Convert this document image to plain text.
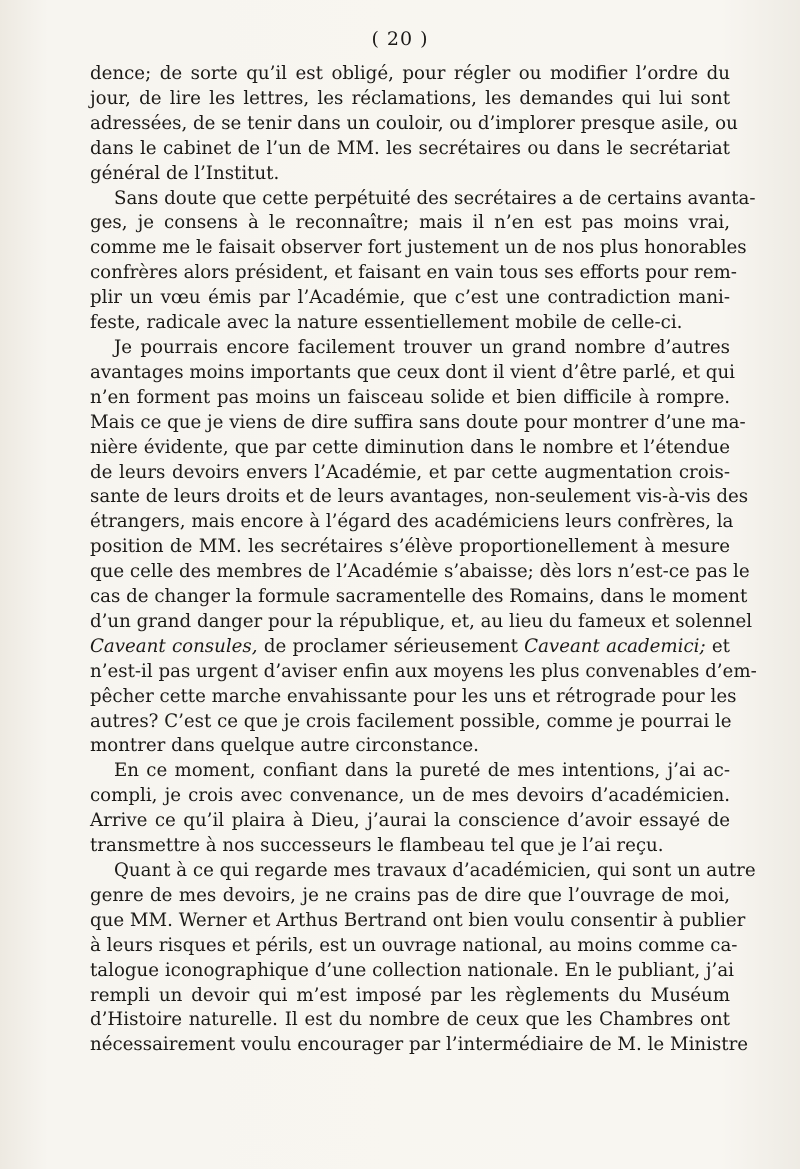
( 20 )
dence; de sorte qu’il est obligé, pour régler ou modifier l’ordre du
jour, de lire les lettres, les réclamations, les demandes qui lui sont
adressées, de se tenir dans un couloir, ou d’implorer presque asile, ou
dans le cabinet de l’un de MM. les secrétaires ou dans le secrétariat
général de l’Institut.
Sans doute que cette perpétuité des secrétaires a de certains avanta-
ges, je consens à le reconnaître; mais il n’en est pas moins vrai,
comme me le faisait observer fort justement un de nos plus honorables
confrères alors président, et faisant en vain tous ses efforts pour rem-
plir un vœu émis par l’Académie, que c’est une contradiction mani-
feste, radicale avec la nature essentiellement mobile de celle-ci.
Je pourrais encore facilement trouver un grand nombre d’autres
avantages moins importants que ceux dont il vient d’être parlé, et qui
n’en forment pas moins un faisceau solide et bien difficile à rompre.
Mais ce que je viens de dire suffira sans doute pour montrer d’une ma-
nière évidente, que par cette diminution dans le nombre et l’étendue
de leurs devoirs envers l’Académie, et par cette augmentation crois-
sante de leurs droits et de leurs avantages, non-seulement vis-à-vis des
étrangers, mais encore à l’égard des académiciens leurs confrères, la
position de MM. les secrétaires s’élève proportionellement à mesure
que celle des membres de l’Académie s’abaisse; dès lors n’est-ce pas le
cas de changer la formule sacramentelle des Romains, dans le moment
d’un grand danger pour la république, et, au lieu du fameux et solennel
Caveant consules, de proclamer sérieusement Caveant academici; et
n’est-il pas urgent d’aviser enfin aux moyens les plus convenables d’em-
pêcher cette marche envahissante pour les uns et rétrograde pour les
autres? C’est ce que je crois facilement possible, comme je pourrai le
montrer dans quelque autre circonstance.
En ce moment, confiant dans la pureté de mes intentions, j’ai ac-
compli, je crois avec convenance, un de mes devoirs d’académicien.
Arrive ce qu’il plaira à Dieu, j’aurai la conscience d’avoir essayé de
transmettre à nos successeurs le flambeau tel que je l’ai reçu.
Quant à ce qui regarde mes travaux d’académicien, qui sont un autre
genre de mes devoirs, je ne crains pas de dire que l’ouvrage de moi,
que MM. Werner et Arthus Bertrand ont bien voulu consentir à publier
à leurs risques et périls, est un ouvrage national, au moins comme ca-
talogue iconographique d’une collection nationale. En le publiant, j’ai
rempli un devoir qui m’est imposé par les règlements du Muséum
d’Histoire naturelle. Il est du nombre de ceux que les Chambres ont
nécessairement voulu encourager par l’intermédiaire de M. le Ministre
